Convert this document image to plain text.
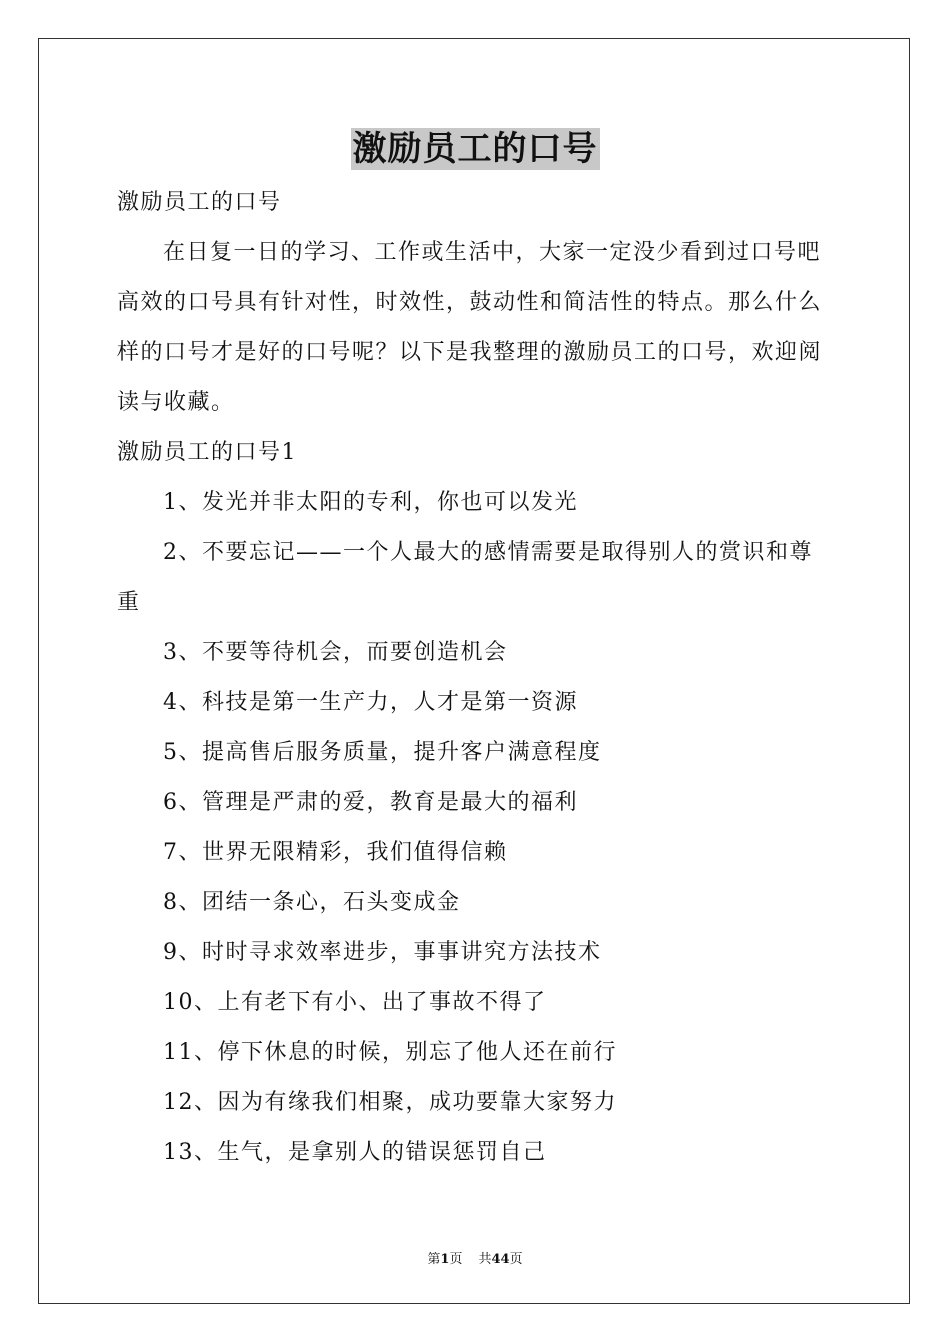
激励员工的口号

激励员工的口号

在日复一日的学习、工作或生活中，大家一定没少看到过口号吧高效的口号具有针对性，时效性，鼓动性和简洁性的特点。那么什么样的口号才是好的口号呢？以下是我整理的激励员工的口号，欢迎阅读与收藏。

激励员工的口号1

1、发光并非太阳的专利，你也可以发光

2、不要忘记——一个人最大的感情需要是取得别人的赏识和尊重

3、不要等待机会，而要创造机会

4、科技是第一生产力，人才是第一资源

5、提高售后服务质量，提升客户满意程度

6、管理是严肃的爱，教育是最大的福利

7、世界无限精彩，我们值得信赖

8、团结一条心，石头变成金

9、时时寻求效率进步，事事讲究方法技术

10、上有老下有小、出了事故不得了

11、停下休息的时候，别忘了他人还在前行

12、因为有缘我们相聚，成功要靠大家努力

13、生气，是拿别人的错误惩罚自己

第1页 共44页
